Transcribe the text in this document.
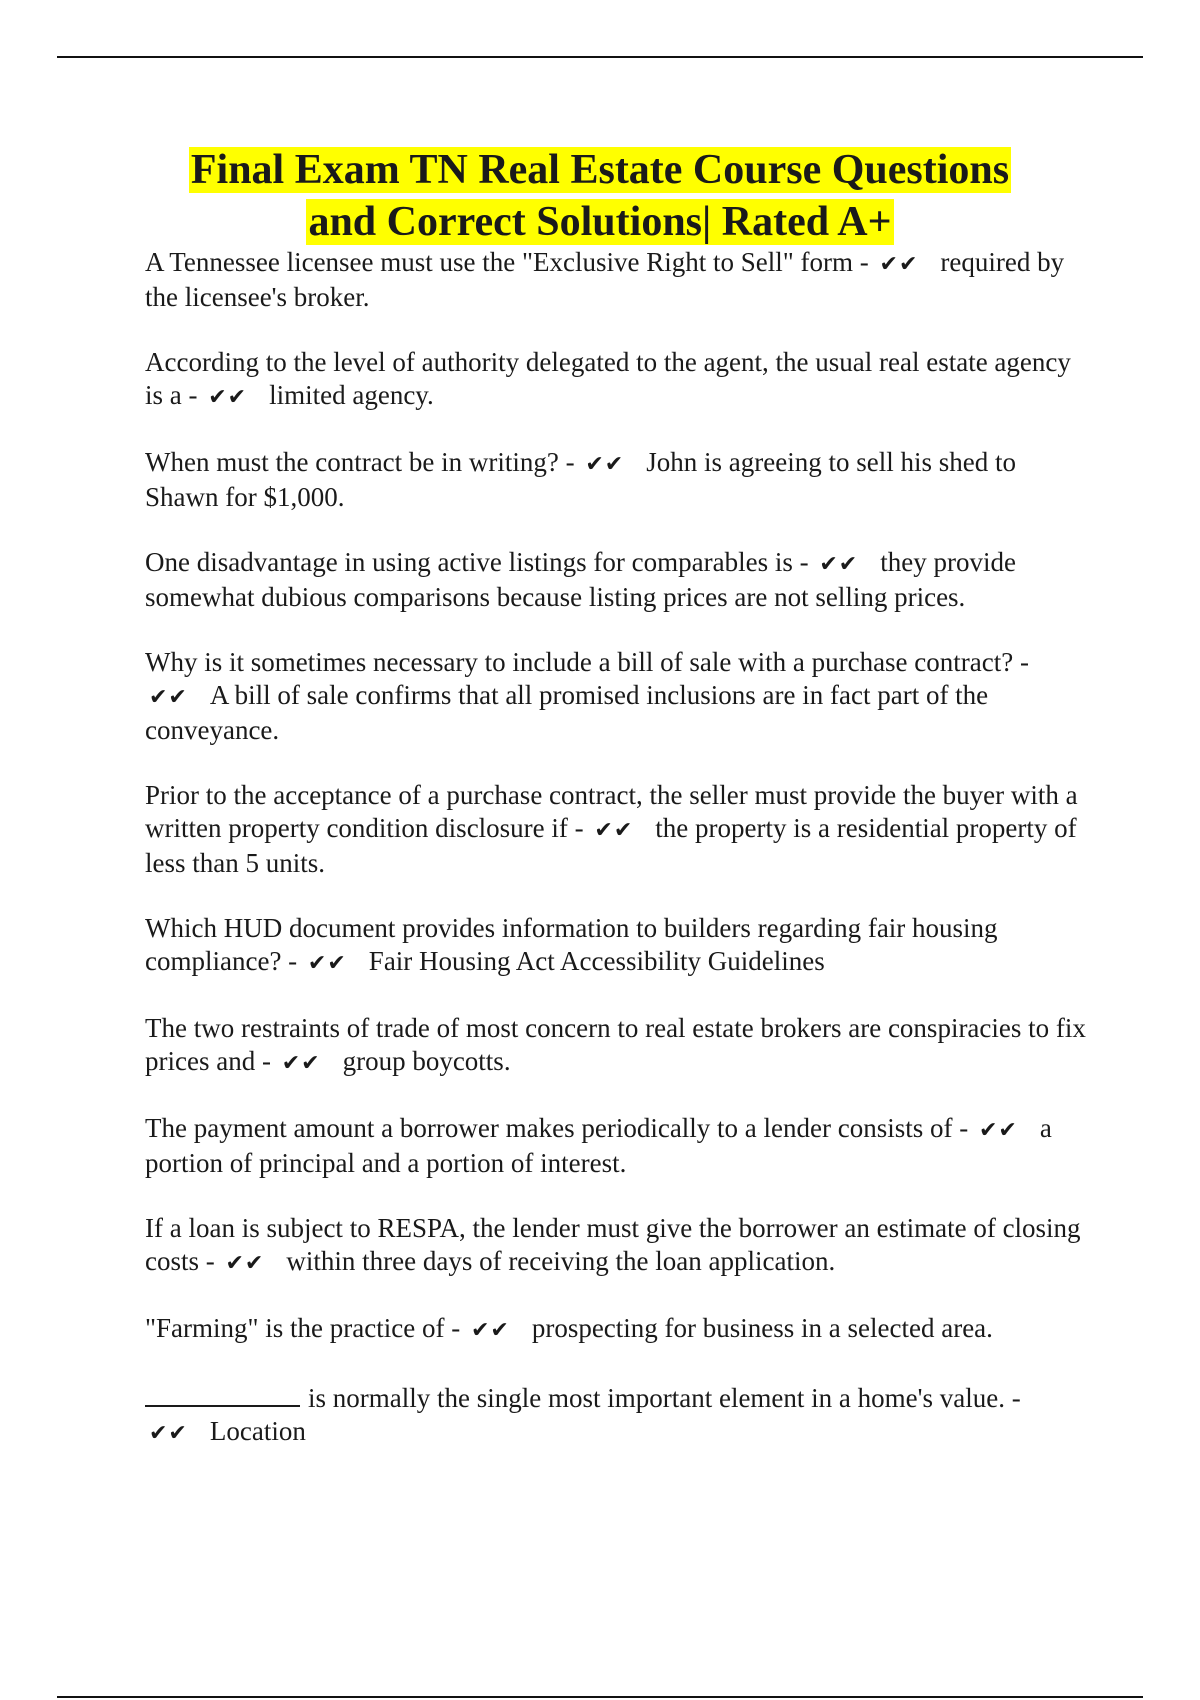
Final Exam TN Real Estate Course Questions
and Correct Solutions| Rated A+

A Tennessee licensee must use the "Exclusive Right to Sell" form - ✔✔ required by the licensee's broker.

According to the level of authority delegated to the agent, the usual real estate agency is a - ✔✔ limited agency.

When must the contract be in writing? - ✔✔ John is agreeing to sell his shed to Shawn for $1,000.

One disadvantage in using active listings for comparables is - ✔✔ they provide somewhat dubious comparisons because listing prices are not selling prices.

Why is it sometimes necessary to include a bill of sale with a purchase contract? - ✔✔ A bill of sale confirms that all promised inclusions are in fact part of the conveyance.

Prior to the acceptance of a purchase contract, the seller must provide the buyer with a written property condition disclosure if - ✔✔ the property is a residential property of less than 5 units.

Which HUD document provides information to builders regarding fair housing compliance? - ✔✔ Fair Housing Act Accessibility Guidelines

The two restraints of trade of most concern to real estate brokers are conspiracies to fix prices and - ✔✔ group boycotts.

The payment amount a borrower makes periodically to a lender consists of - ✔✔ a portion of principal and a portion of interest.

If a loan is subject to RESPA, the lender must give the borrower an estimate of closing costs - ✔✔ within three days of receiving the loan application.

"Farming" is the practice of - ✔✔ prospecting for business in a selected area.

is normally the single most important element in a home's value. - ✔✔ Location
